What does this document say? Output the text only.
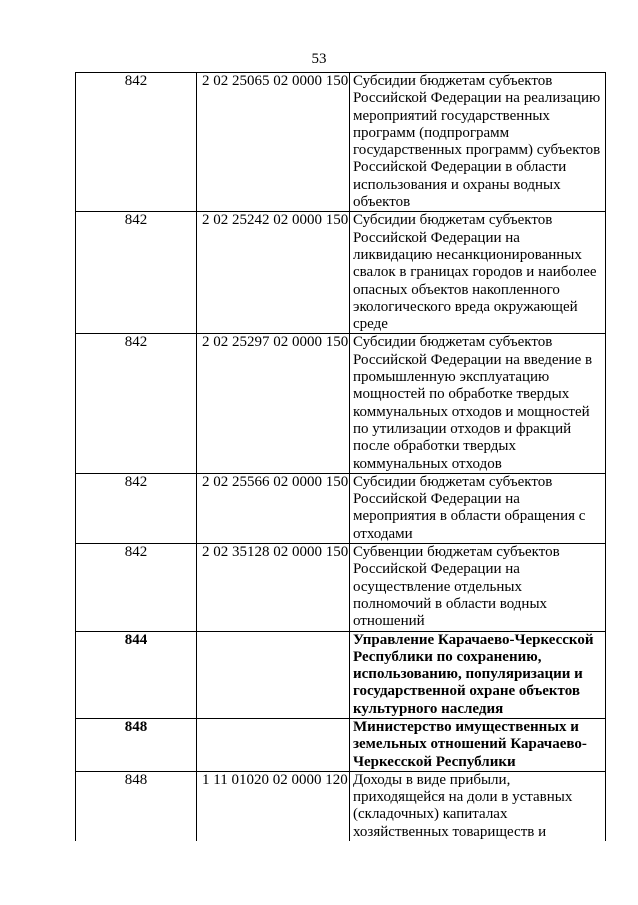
53
842	2 02 25065 02 0000 150	Субсидии бюджетам субъектов Российской Федерации на реализацию мероприятий государственных программ (подпрограмм государственных программ) субъектов Российской Федерации в области использования и охраны водных объектов
842	2 02 25242 02 0000 150	Субсидии бюджетам субъектов Российской Федерации на ликвидацию несанкционированных свалок в границах городов и наиболее опасных объектов накопленного экологического вреда окружающей среде
842	2 02 25297 02 0000 150	Субсидии бюджетам субъектов Российской Федерации на введение в промышленную эксплуатацию мощностей по обработке твердых коммунальных отходов и мощностей по утилизации отходов и фракций после обработки твердых коммунальных отходов
842	2 02 25566 02 0000 150	Субсидии бюджетам субъектов Российской Федерации на мероприятия в области обращения с отходами
842	2 02 35128 02 0000 150	Субвенции бюджетам субъектов Российской Федерации на осуществление отдельных полномочий в области водных отношений
844		Управление Карачаево-Черкесской Республики по сохранению, использованию, популяризации и государственной охране объектов культурного наследия
848		Министерство имущественных и земельных отношений Карачаево-Черкесской Республики
848	1 11 01020 02 0000 120	Доходы в виде прибыли, приходящейся на доли в уставных (складочных) капиталах хозяйственных товариществ и
